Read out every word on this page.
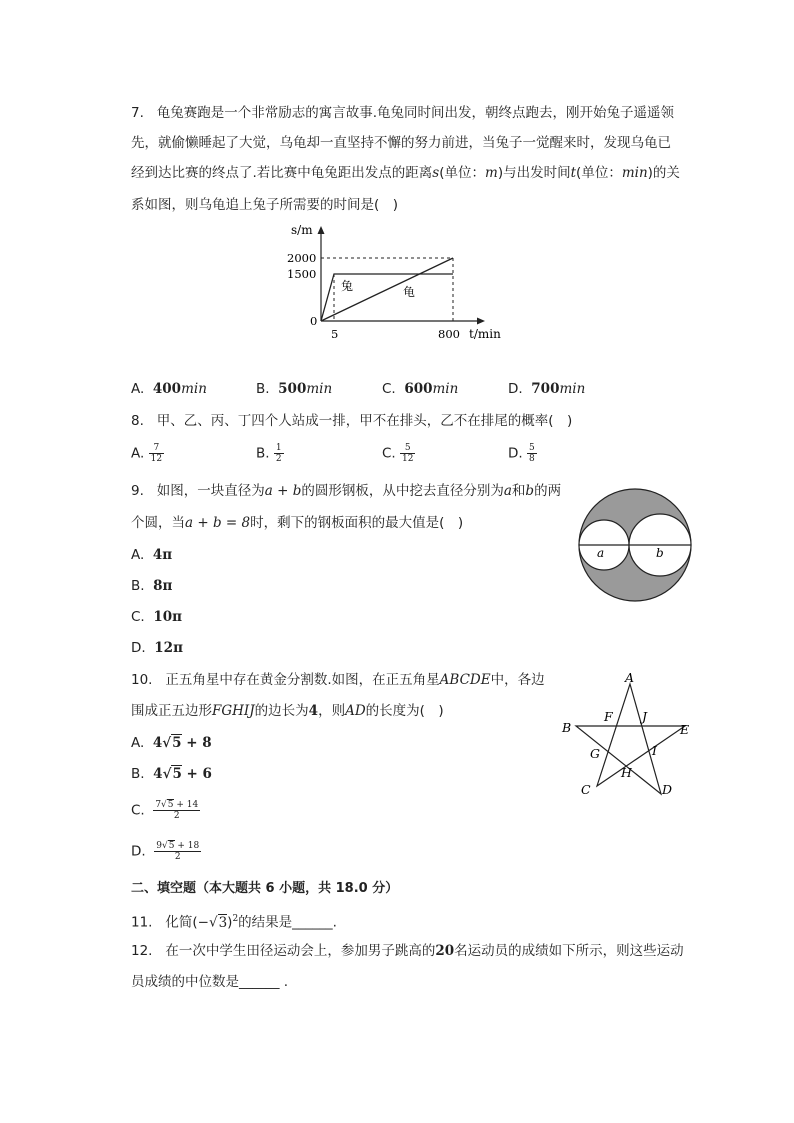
7. 龟兔赛跑是一个非常励志的寓言故事.龟兔同时间出发，朝终点跑去，刚开始兔子遥遥领
先，就偷懒睡起了大觉，乌龟却一直坚持不懈的努力前进，当兔子一觉醒来时，发现乌龟已
经到达比赛的终点了.若比赛中龟兔距出发点的距离s(单位：m)与出发时间t(单位：min)的关
系如图，则乌龟追上兔子所需要的时间是(　)
s/m
2000
1500
0
5	800 t/min
兔	龟
A. 400min	B. 500min	C. 600min	D. 700min
8. 甲、乙、丙、丁四个人站成一排，甲不在排头，乙不在排尾的概率(　)
A. $\frac{7}{12}$	B. $\frac{1}{2}$	C. $\frac{5}{12}$	D. $\frac{5}{8}$
9. 如图，一块直径为a + b的圆形钢板，从中挖去直径分别为a和b的两
个圆，当a + b = 8时，剩下的钢板面积的最大值是(　)
A. 4π
B. 8π
C. 10π
D. 12π
a	b
10. 正五角星中存在黄金分割数.如图，在正五角星ABCDE中，各边
围成正五边形FGHIJ的边长为4，则AD的长度为(　)
A. 4√5 + 8
B. 4√5 + 6
C. $\frac{7√5 + 14}{2}$
D. $\frac{9√5 + 18}{2}$
A
B
C	D
E
F
G
H
I
J
二、填空题（本大题共 6 小题，共 18.0 分）
11. 化简$(-√3)^2$的结果是______.
12. 在一次中学生田径运动会上，参加男子跳高的20名运动员的成绩如下所示，则这些运动
员成绩的中位数是______ .
